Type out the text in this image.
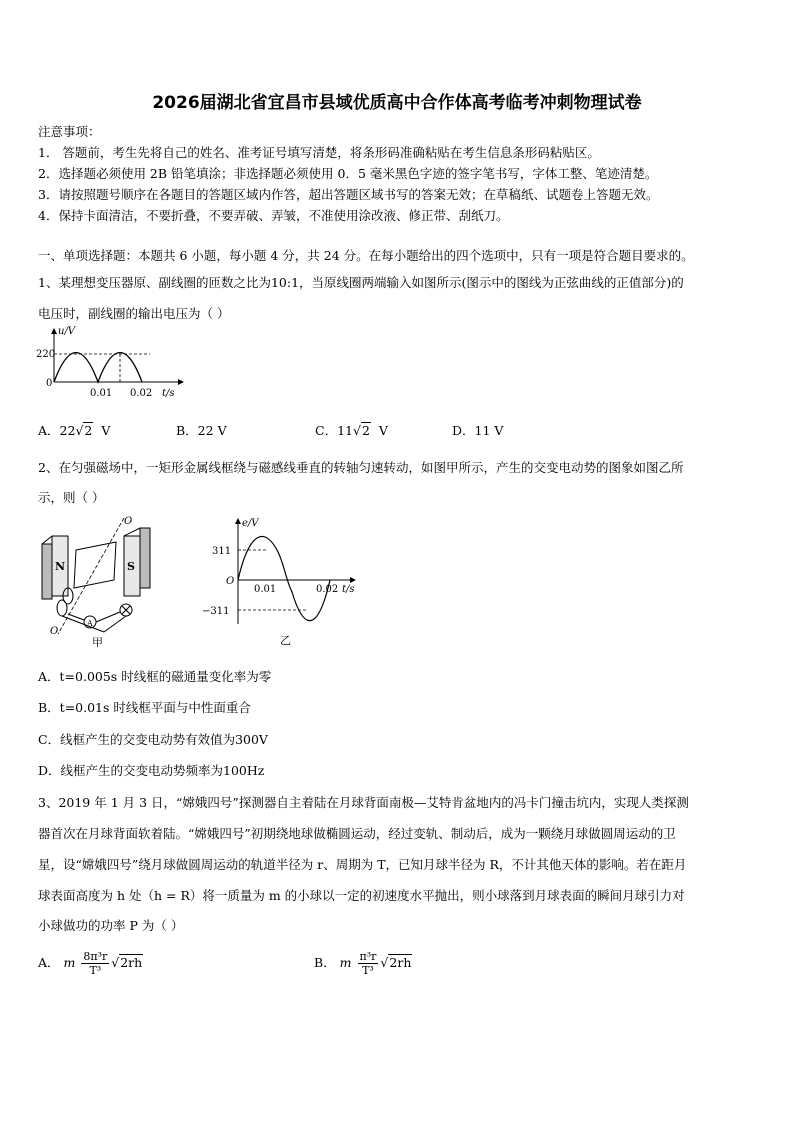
2026届湖北省宜昌市县域优质高中合作体高考临考冲刺物理试卷
注意事项：
1． 答题前，考生先将自己的姓名、准考证号填写清楚，将条形码准确粘贴在考生信息条形码粘贴区。
2．选择题必须使用 2B 铅笔填涂；非选择题必须使用 0．5 毫米黑色字迹的签字笔书写，字体工整、笔迹清楚。
3．请按照题号顺序在各题目的答题区域内作答，超出答题区域书写的答案无效；在草稿纸、试题卷上答题无效。
4．保持卡面清洁，不要折叠，不要弄破、弄皱，不准使用涂改液、修正带、刮纸刀。
一、单项选择题：本题共 6 小题，每小题 4 分，共 24 分。在每小题给出的四个选项中，只有一项是符合题目要求的。
1、某理想变压器原、副线圈的匝数之比为10:1，当原线圈两端输入如图所示(图示中的图线为正弦曲线的正值部分)的
电压时，副线圈的输出电压为（ ）
u/V
220
0
0.01 0.02 t/s
A．22√2 V	B．22 V	C．11√2 V	D．11 V
2、在匀强磁场中，一矩形金属线框绕与磁感线垂直的转轴匀速转动，如图甲所示，产生的交变电动势的图象如图乙所
示，则（ ）
N	S
O
O
A
甲
e/V
311
O
−311
0.01	0.02 t/s
乙
A．t=0.005s 时线框的磁通量变化率为零
B．t=0.01s 时线框平面与中性面重合
C．线框产生的交变电动势有效值为300V
D．线框产生的交变电动势频率为100Hz
3、2019 年 1 月 3 日，“嫦娥四号”探测器自主着陆在月球背面南极—艾特肯盆地内的冯卡门撞击坑内，实现人类探测
器首次在月球背面软着陆。“嫦娥四号”初期绕地球做椭圆运动，经过变轨、制动后，成为一颗绕月球做圆周运动的卫
星，设“嫦娥四号”绕月球做圆周运动的轨道半径为 r、周期为 T，已知月球半径为 R，不计其他天体的影响。若在距月
球表面高度为 h 处（h = R）将一质量为 m 的小球以一定的初速度水平抛出，则小球落到月球表面的瞬间月球引力对
小球做功的功率 P 为（ ）
A． m $\frac{\text{8π³r}}{\text{T³}} √2rh$	B． m $\frac{\text{π³r}}{\text{T³}} √2rh$
